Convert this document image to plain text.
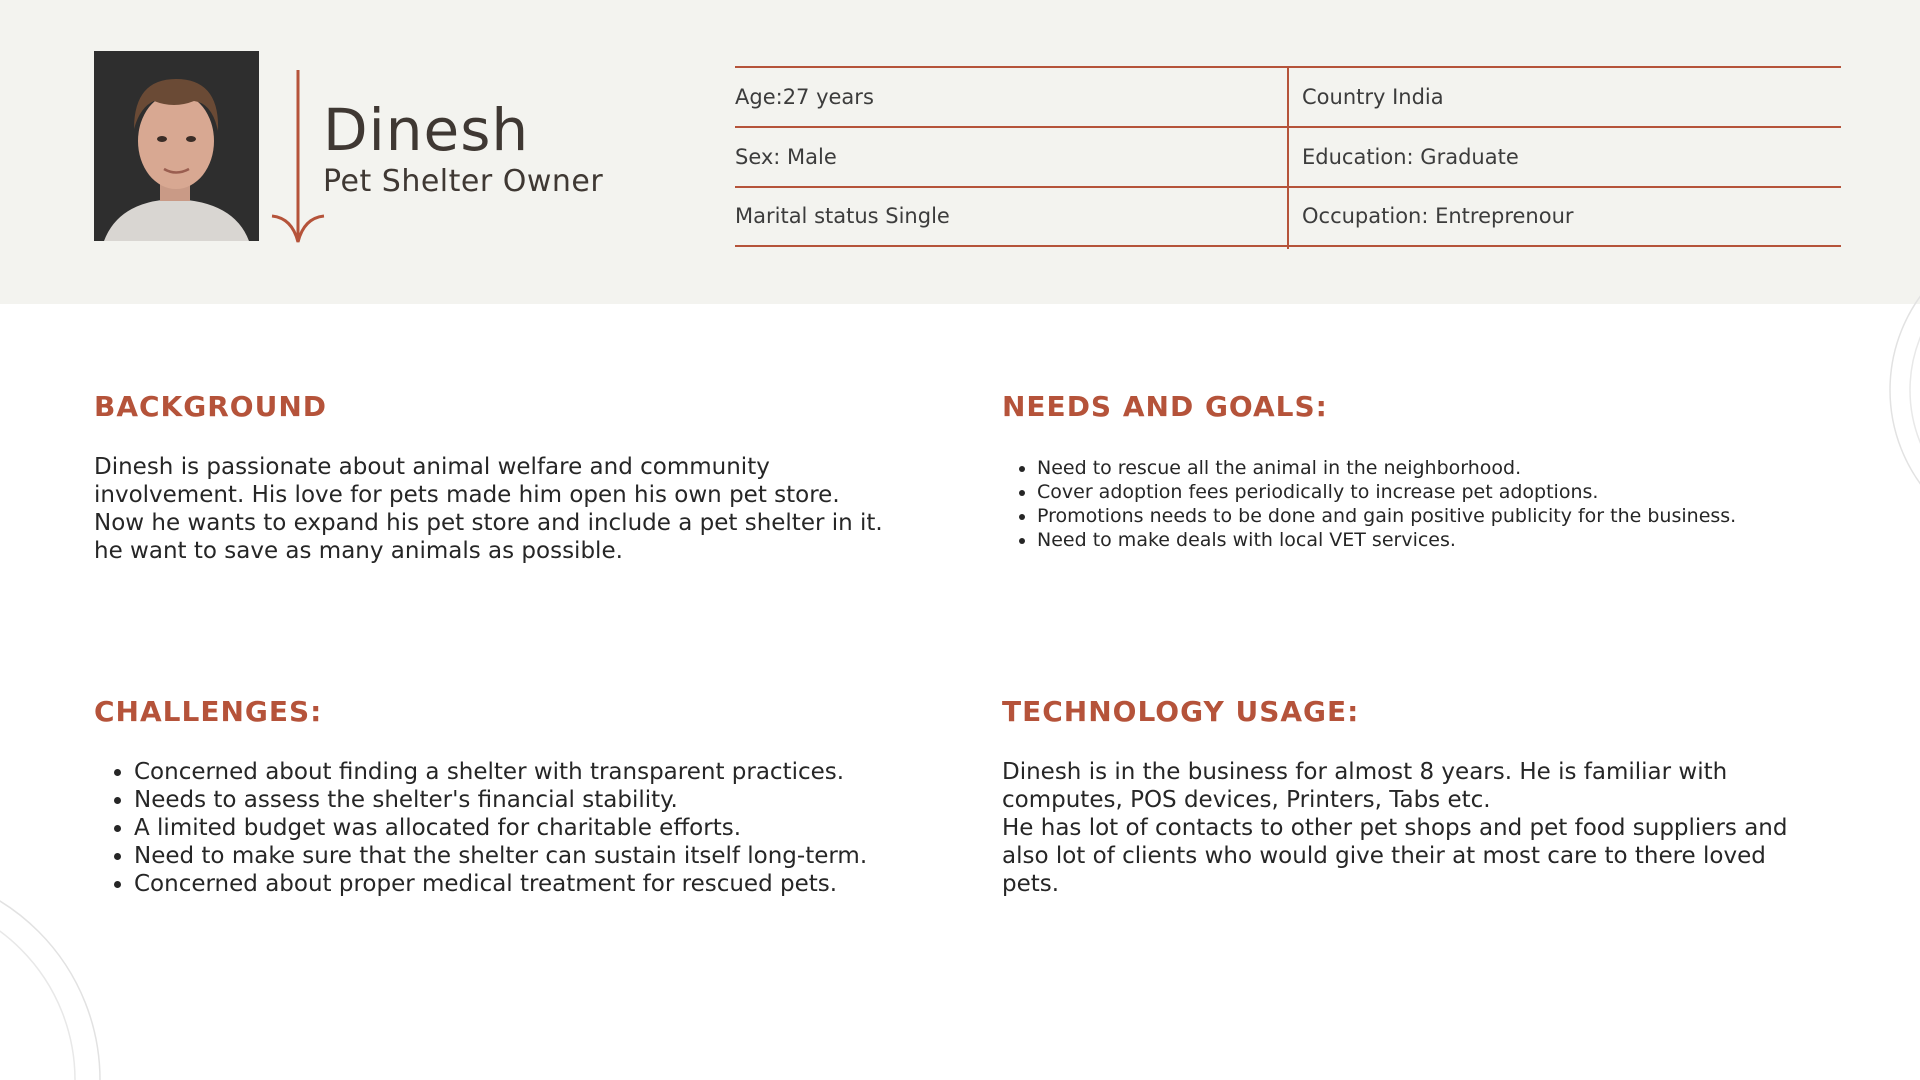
Dinesh
Pet Shelter Owner
Age:27 years	Country India
Sex: Male	Education: Graduate
Marital status Single	Occupation: Entreprenour
BACKGROUND

Dinesh is passionate about animal welfare and community

involvement. His love for pets made him open his own pet store.

Now he wants to expand his pet store and include a pet shelter in it.

he want to save as many animals as possible.

NEEDS AND GOALS:
• Need to rescue all the animal in the neighborhood.
• Cover adoption fees periodically to increase pet adoptions.
• Promotions needs to be done and gain positive publicity for the business.
• Need to make deals with local VET services.
CHALLENGES:
• Concerned about finding a shelter with transparent practices.
• Needs to assess the shelter's financial stability.
• A limited budget was allocated for charitable efforts.
• Need to make sure that the shelter can sustain itself long-term.
• Concerned about proper medical treatment for rescued pets.
TECHNOLOGY USAGE:

Dinesh is in the business for almost 8 years. He is familiar with

computes, POS devices, Printers, Tabs etc.

He has lot of contacts to other pet shops and pet food suppliers and

also lot of clients who would give their at most care to there loved

pets.
